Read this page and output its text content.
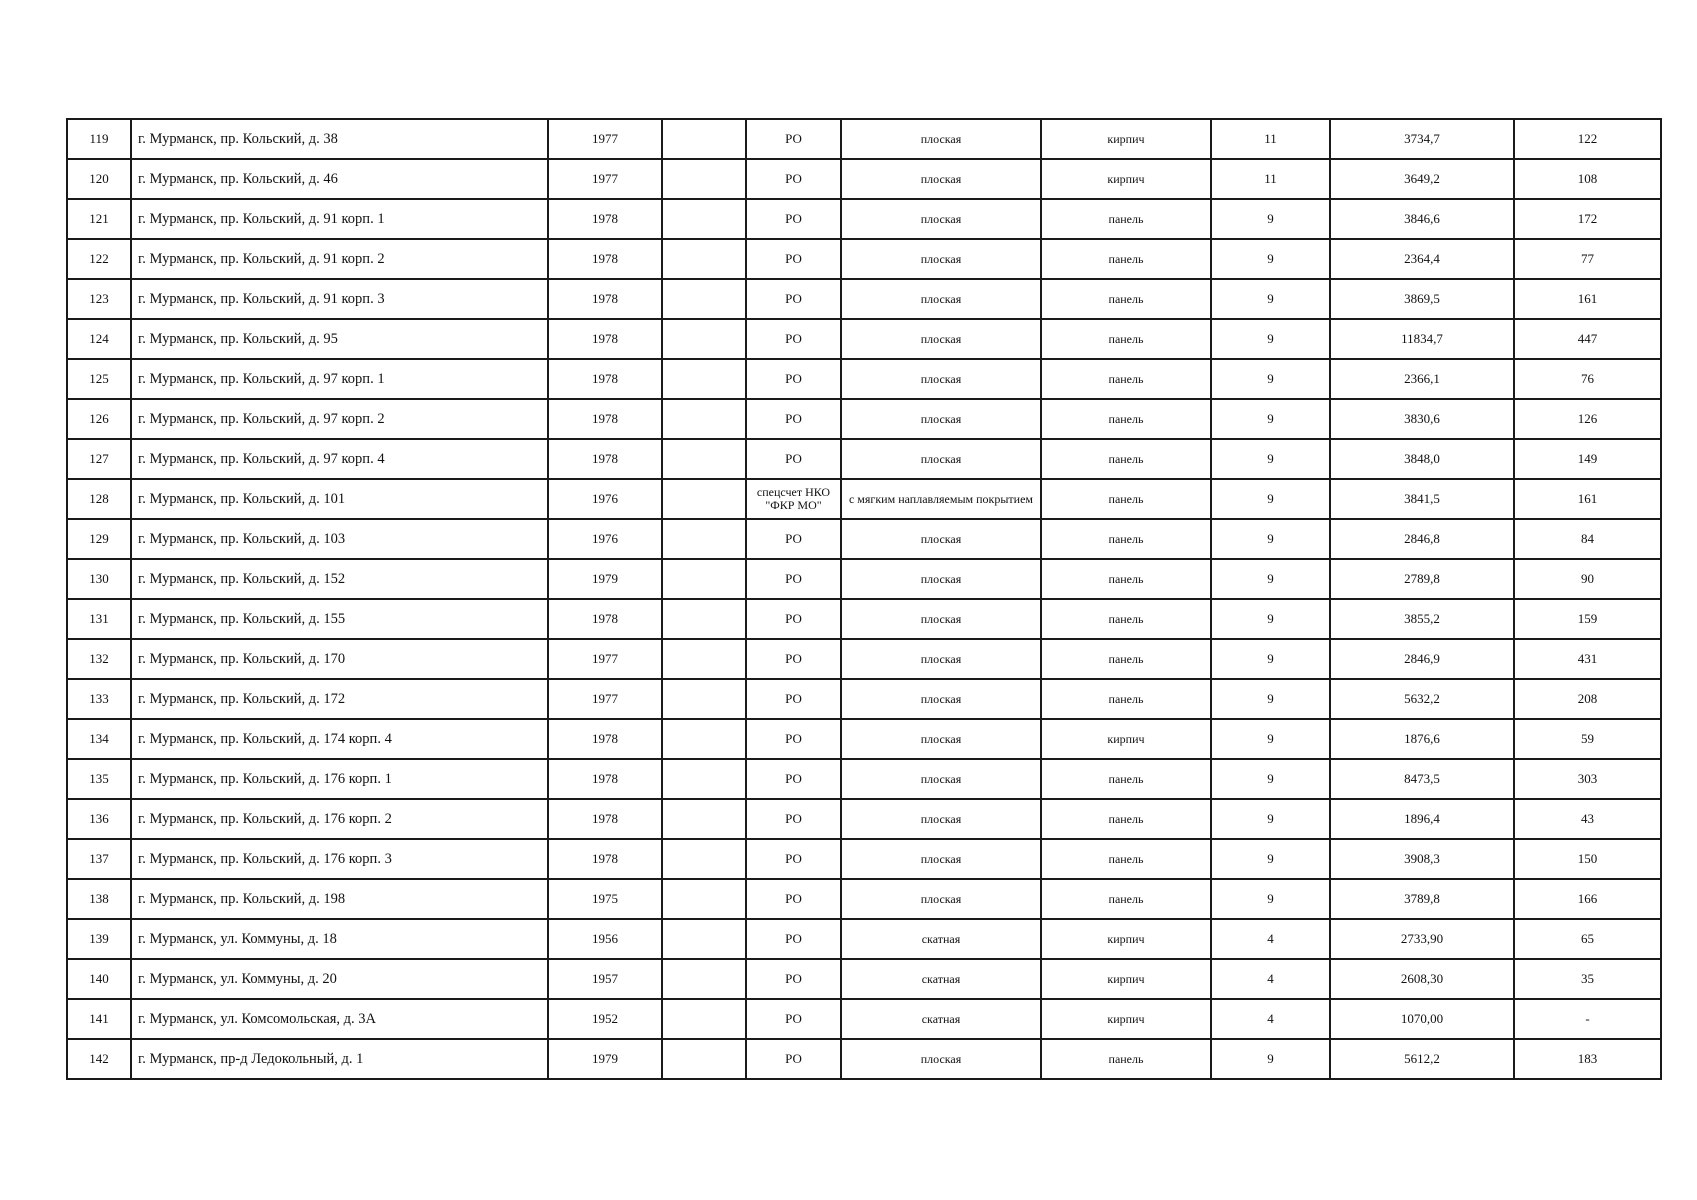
119	г. Мурманск, пр. Кольский, д. 38	1977		РО	плоская	кирпич	11	3734,7	122
120	г. Мурманск, пр. Кольский, д. 46	1977		РО	плоская	кирпич	11	3649,2	108
121	г. Мурманск, пр. Кольский, д. 91 корп. 1	1978		РО	плоская	панель	9	3846,6	172
122	г. Мурманск, пр. Кольский, д. 91 корп. 2	1978		РО	плоская	панель	9	2364,4	77
123	г. Мурманск, пр. Кольский, д. 91 корп. 3	1978		РО	плоская	панель	9	3869,5	161
124	г. Мурманск, пр. Кольский, д. 95	1978		РО	плоская	панель	9	11834,7	447
125	г. Мурманск, пр. Кольский, д. 97 корп. 1	1978		РО	плоская	панель	9	2366,1	76
126	г. Мурманск, пр. Кольский, д. 97 корп. 2	1978		РО	плоская	панель	9	3830,6	126
127	г. Мурманск, пр. Кольский, д. 97 корп. 4	1978		РО	плоская	панель	9	3848,0	149
128	г. Мурманск, пр. Кольский, д. 101	1976		спецсчет НКО "ФКР МО"	с мягким наплавляемым покрытием	панель	9	3841,5	161
129	г. Мурманск, пр. Кольский, д. 103	1976		РО	плоская	панель	9	2846,8	84
130	г. Мурманск, пр. Кольский, д. 152	1979		РО	плоская	панель	9	2789,8	90
131	г. Мурманск, пр. Кольский, д. 155	1978		РО	плоская	панель	9	3855,2	159
132	г. Мурманск, пр. Кольский, д. 170	1977		РО	плоская	панель	9	2846,9	431
133	г. Мурманск, пр. Кольский, д. 172	1977		РО	плоская	панель	9	5632,2	208
134	г. Мурманск, пр. Кольский, д. 174 корп. 4	1978		РО	плоская	кирпич	9	1876,6	59
135	г. Мурманск, пр. Кольский, д. 176 корп. 1	1978		РО	плоская	панель	9	8473,5	303
136	г. Мурманск, пр. Кольский, д. 176 корп. 2	1978		РО	плоская	панель	9	1896,4	43
137	г. Мурманск, пр. Кольский, д. 176 корп. 3	1978		РО	плоская	панель	9	3908,3	150
138	г. Мурманск, пр. Кольский, д. 198	1975		РО	плоская	панель	9	3789,8	166
139	г. Мурманск, ул. Коммуны, д. 18	1956		РО	скатная	кирпич	4	2733,90	65
140	г. Мурманск, ул. Коммуны, д. 20	1957		РО	скатная	кирпич	4	2608,30	35
141	г. Мурманск, ул. Комсомольская, д. 3А	1952		РО	скатная	кирпич	4	1070,00	-
142	г. Мурманск, пр-д Ледокольный, д. 1	1979		РО	плоская	панель	9	5612,2	183
